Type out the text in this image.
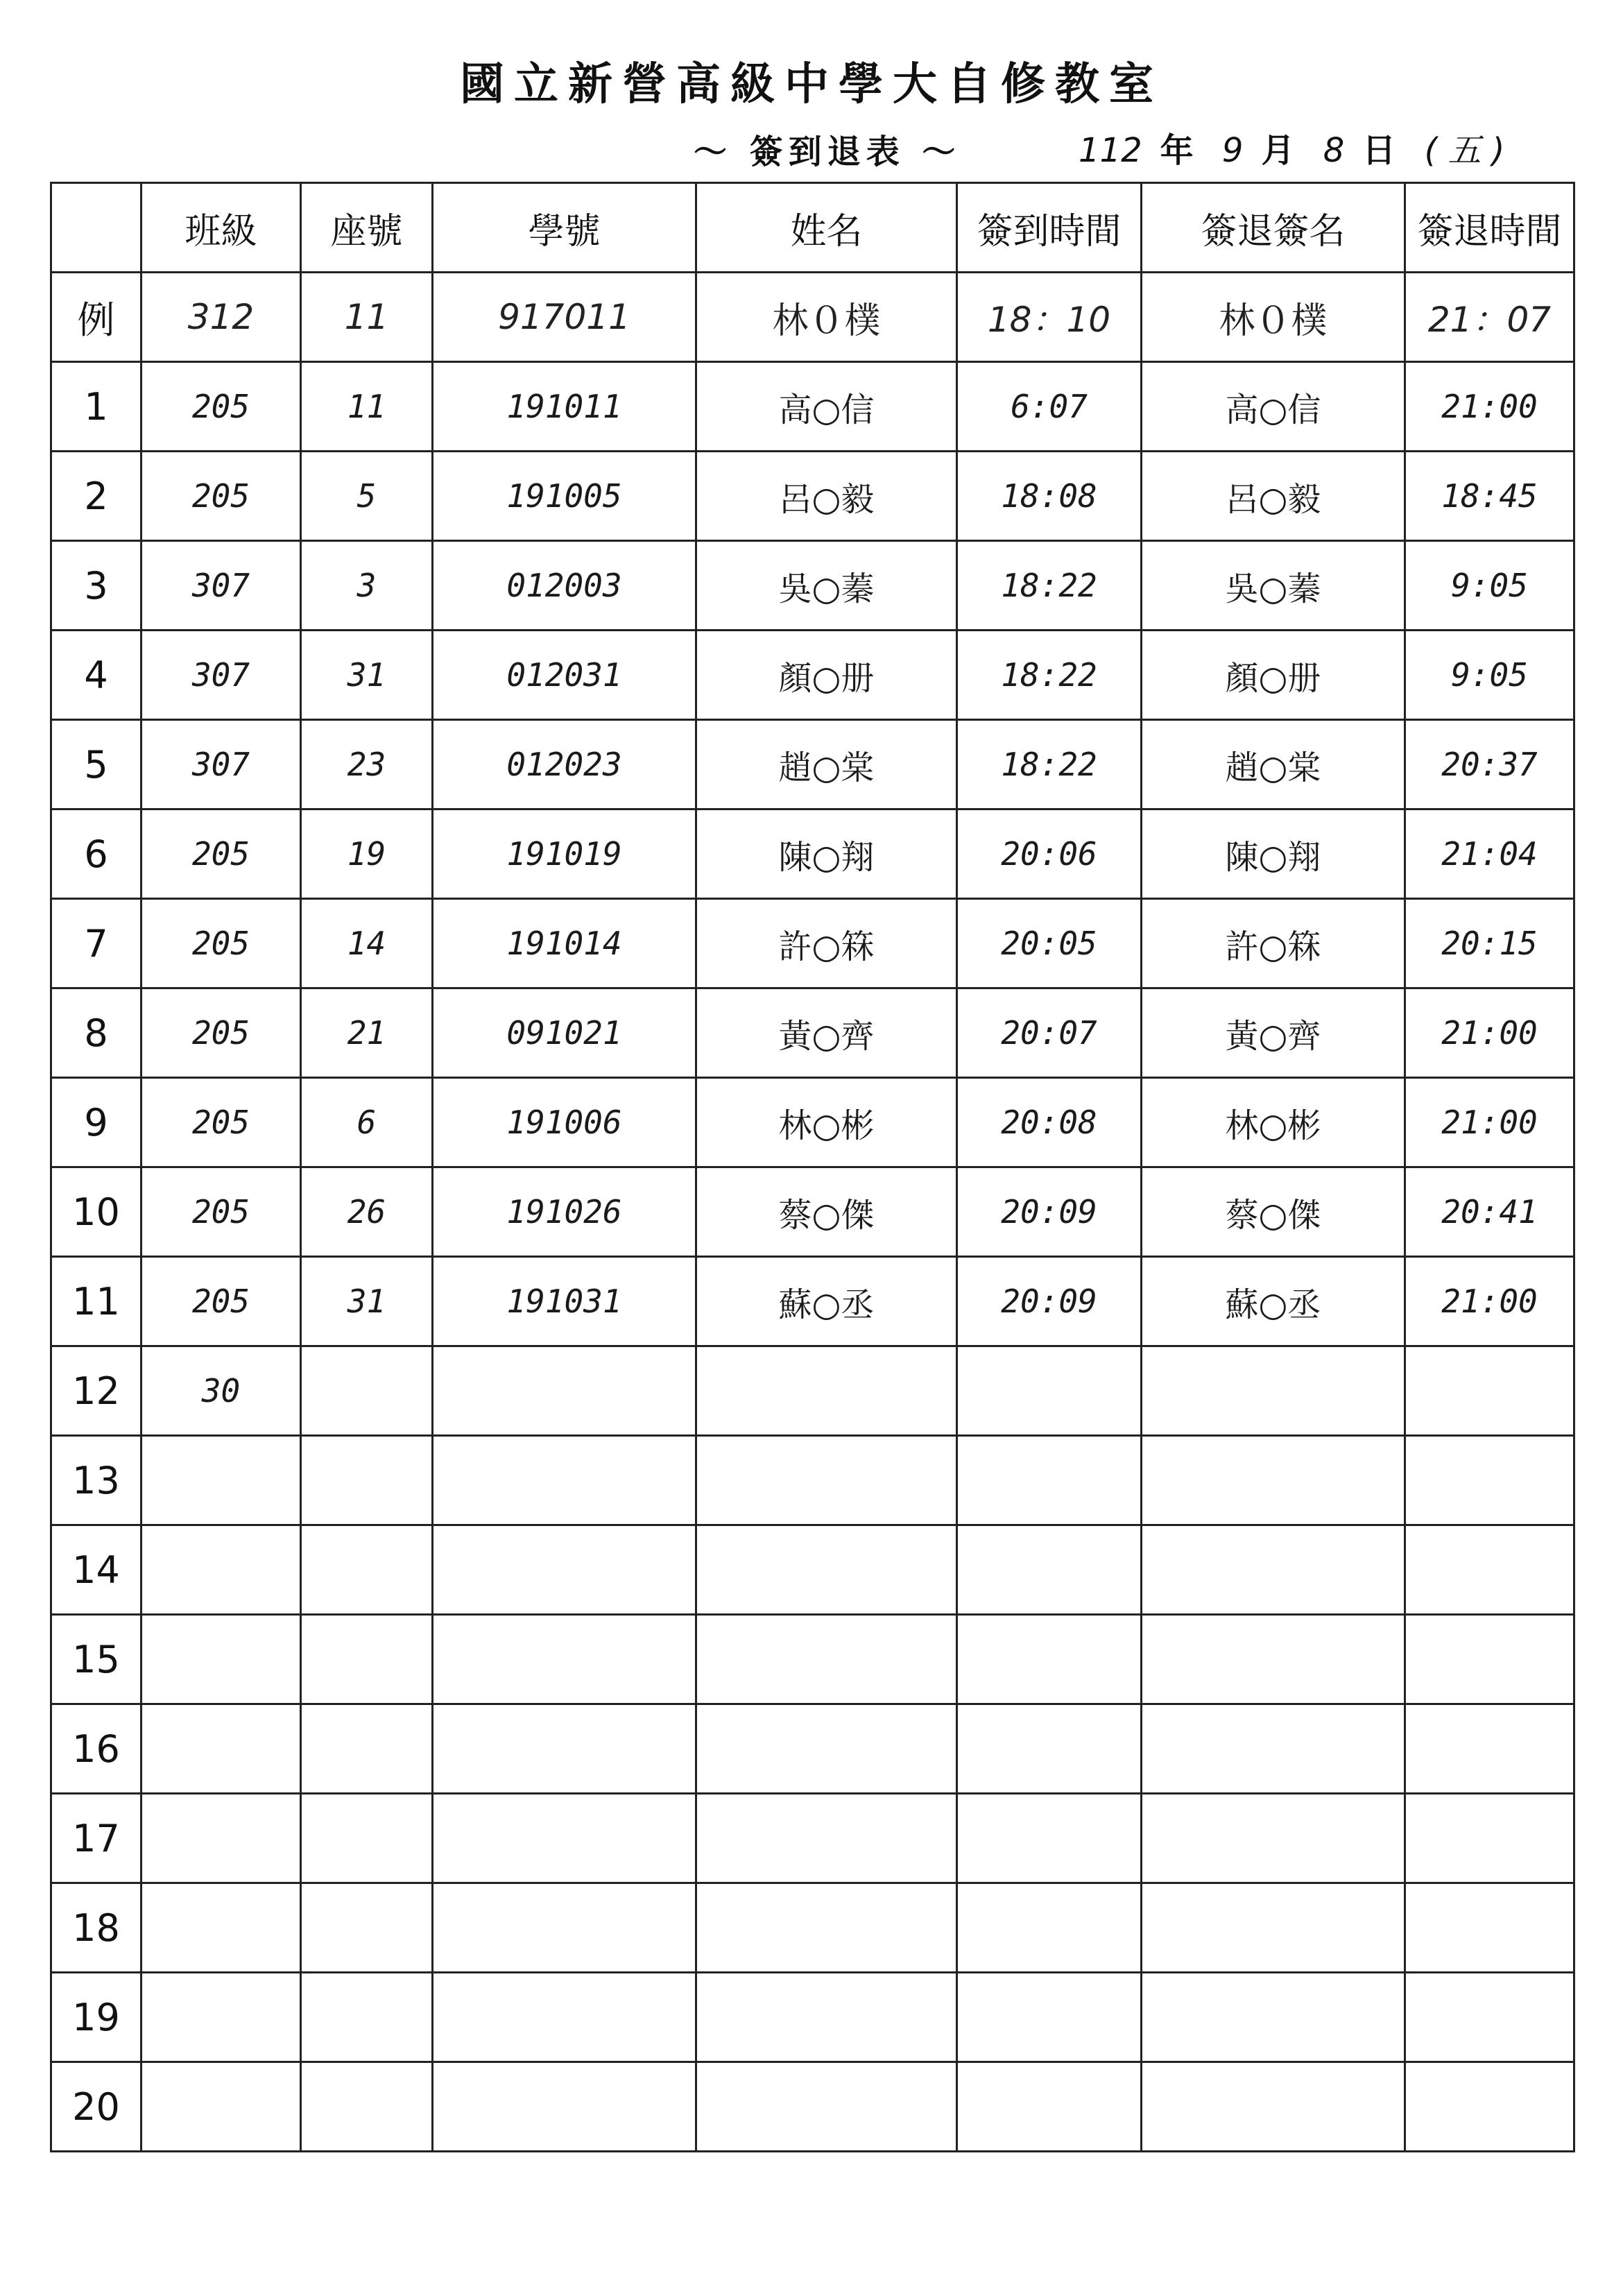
國立新營高級中學大自修教室
〜 簽到退表 〜	112 年 9 月 8 日 ( 五 )
	班級	座號	學號	姓名	簽到時間	簽退簽名	簽退時間
例	312	11	917011	林０樸	18：10	林０樸	21：07
1	205	11	191011	高○信	6:07	高○信	21:00
2	205	5	191005	呂○毅	18:08	呂○毅	18:45
3	307	3	012003	吳○蓁	18:22	吳○蓁	9:05
4	307	31	012031	顏○册	18:22	顏○册	9:05
5	307	23	012023	趙○棠	18:22	趙○棠	20:37
6	205	19	191019	陳○翔	20:06	陳○翔	21:04
7	205	14	191014	許○箖	20:05	許○箖	20:15
8	205	21	091021	黃○齊	20:07	黃○齊	21:00
9	205	6	191006	林○彬	20:08	林○彬	21:00
10	205	26	191026	蔡○傑	20:09	蔡○傑	20:41
11	205	31	191031	蘇○丞	20:09	蘇○丞	21:00
12	30						
13							
14							
15							
16							
17							
18							
19							
20							
